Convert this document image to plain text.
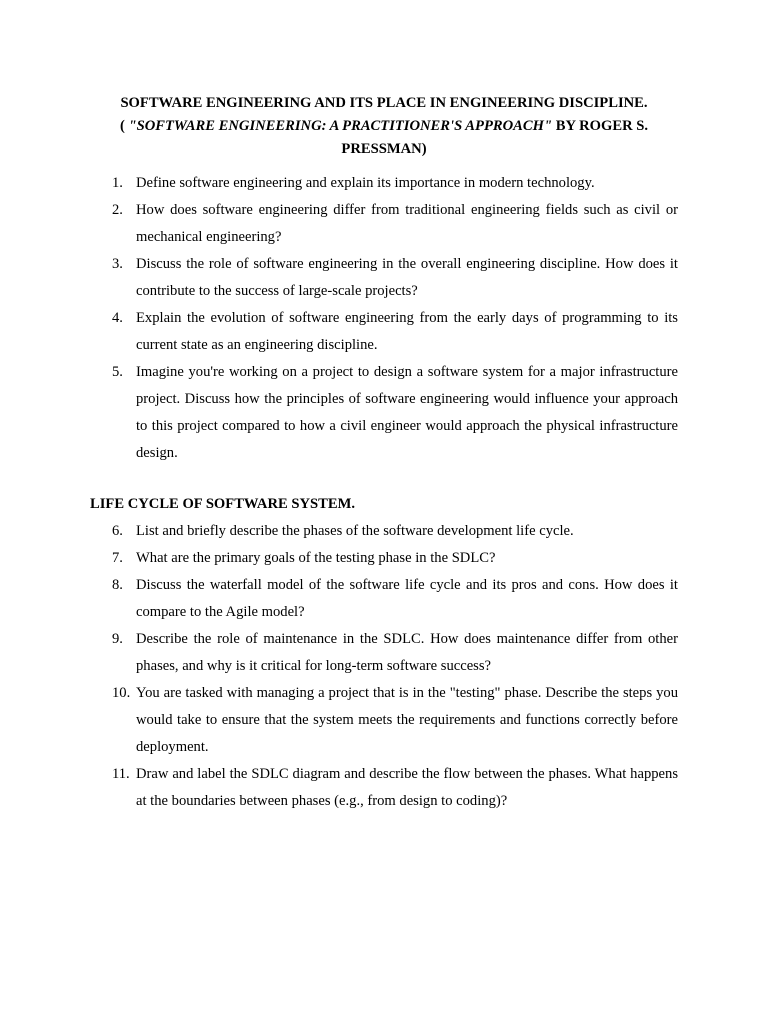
SOFTWARE ENGINEERING AND ITS PLACE IN ENGINEERING DISCIPLINE.
( "SOFTWARE ENGINEERING: A PRACTITIONER'S APPROACH" BY ROGER S.
PRESSMAN)
1. Define software engineering and explain its importance in modern technology.
2. How does software engineering differ from traditional engineering fields such as civil or mechanical engineering?
3. Discuss the role of software engineering in the overall engineering discipline. How does it contribute to the success of large-scale projects?
4. Explain the evolution of software engineering from the early days of programming to its current state as an engineering discipline.
5. Imagine you're working on a project to design a software system for a major infrastructure project. Discuss how the principles of software engineering would influence your approach to this project compared to how a civil engineer would approach the physical infrastructure design.
LIFE CYCLE OF SOFTWARE SYSTEM.
6. List and briefly describe the phases of the software development life cycle.
7. What are the primary goals of the testing phase in the SDLC?
8. Discuss the waterfall model of the software life cycle and its pros and cons. How does it compare to the Agile model?
9. Describe the role of maintenance in the SDLC. How does maintenance differ from other phases, and why is it critical for long-term software success?
10. You are tasked with managing a project that is in the "testing" phase. Describe the steps you would take to ensure that the system meets the requirements and functions correctly before deployment.
11. Draw and label the SDLC diagram and describe the flow between the phases. What happens at the boundaries between phases (e.g., from design to coding)?
